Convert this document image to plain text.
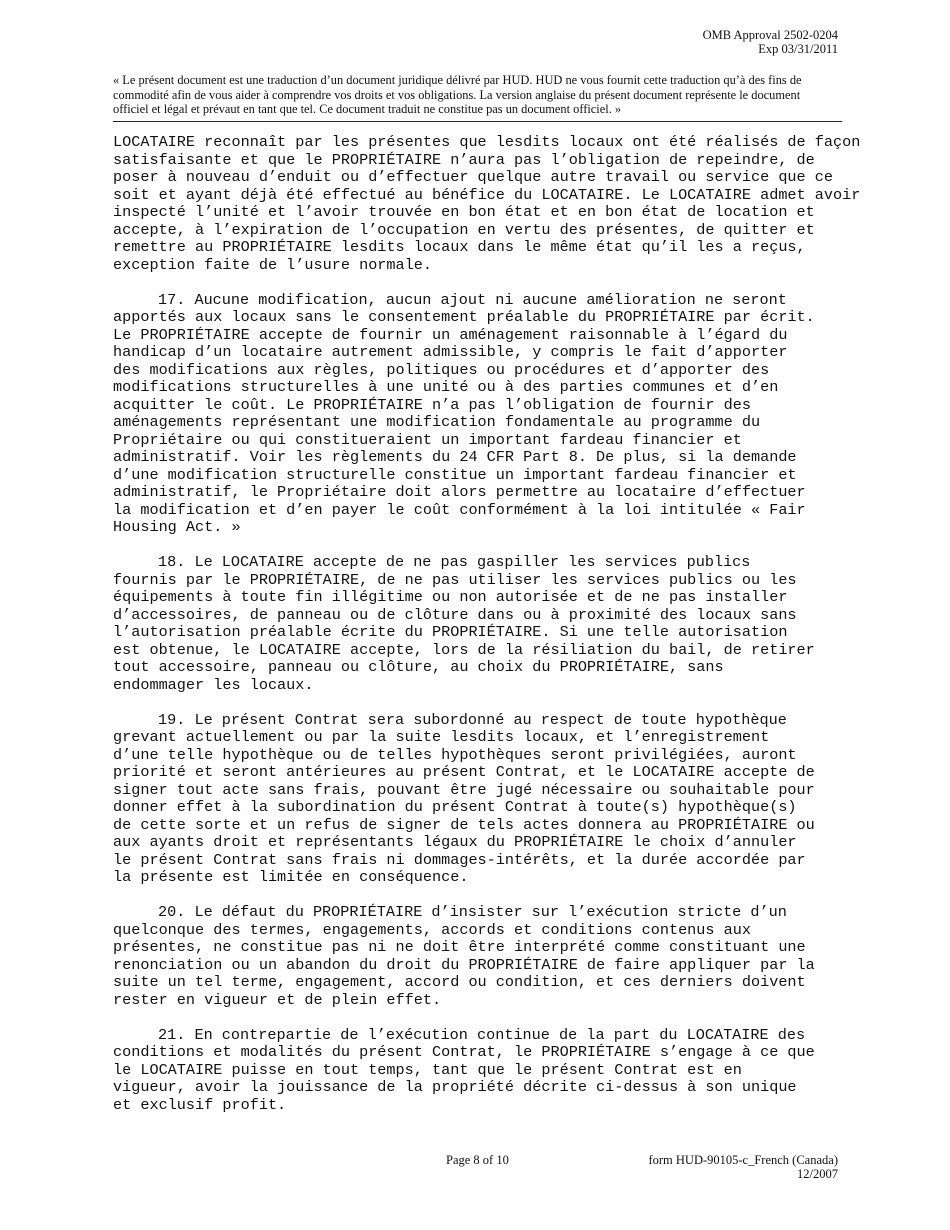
OMB Approval 2502-0204
Exp 03/31/2011
« Le présent document est une traduction d’un document juridique délivré par HUD. HUD ne vous fournit cette traduction qu’à des fins de commodité afin de vous aider à comprendre vos droits et vos obligations. La version anglaise du présent document représente le document officiel et légal et prévaut en tant que tel. Ce document traduit ne constitue pas un document officiel. »

LOCATAIRE reconnaît par les présentes que lesdits locaux ont été réalisés de façon
satisfaisante et que le PROPRIÉTAIRE n’aura pas l’obligation de repeindre, de
poser à nouveau d’enduit ou d’effectuer quelque autre travail ou service que ce
soit et ayant déjà été effectué au bénéfice du LOCATAIRE. Le LOCATAIRE admet avoir
inspecté l’unité et l’avoir trouvée en bon état et en bon état de location et
accepte, à l’expiration de l’occupation en vertu des présentes, de quitter et
remettre au PROPRIÉTAIRE lesdits locaux dans le même état qu’il les a reçus,
exception faite de l’usure normale.

17. Aucune modification, aucun ajout ni aucune amélioration ne seront
apportés aux locaux sans le consentement préalable du PROPRIÉTAIRE par écrit.
Le PROPRIÉTAIRE accepte de fournir un aménagement raisonnable à l’égard du
handicap d’un locataire autrement admissible, y compris le fait d’apporter
des modifications aux règles, politiques ou procédures et d’apporter des
modifications structurelles à une unité ou à des parties communes et d’en
acquitter le coût. Le PROPRIÉTAIRE n’a pas l’obligation de fournir des
aménagements représentant une modification fondamentale au programme du
Propriétaire ou qui constitueraient un important fardeau financier et
administratif. Voir les règlements du 24 CFR Part 8. De plus, si la demande
d’une modification structurelle constitue un important fardeau financier et
administratif, le Propriétaire doit alors permettre au locataire d’effectuer
la modification et d’en payer le coût conformément à la loi intitulée « Fair
Housing Act. »

18. Le LOCATAIRE accepte de ne pas gaspiller les services publics
fournis par le PROPRIÉTAIRE, de ne pas utiliser les services publics ou les
équipements à toute fin illégitime ou non autorisée et de ne pas installer
d’accessoires, de panneau ou de clôture dans ou à proximité des locaux sans
l’autorisation préalable écrite du PROPRIÉTAIRE. Si une telle autorisation
est obtenue, le LOCATAIRE accepte, lors de la résiliation du bail, de retirer
tout accessoire, panneau ou clôture, au choix du PROPRIÉTAIRE, sans
endommager les locaux.

19. Le présent Contrat sera subordonné au respect de toute hypothèque
grevant actuellement ou par la suite lesdits locaux, et l’enregistrement
d’une telle hypothèque ou de telles hypothèques seront privilégiées, auront
priorité et seront antérieures au présent Contrat, et le LOCATAIRE accepte de
signer tout acte sans frais, pouvant être jugé nécessaire ou souhaitable pour
donner effet à la subordination du présent Contrat à toute(s) hypothèque(s)
de cette sorte et un refus de signer de tels actes donnera au PROPRIÉTAIRE ou
aux ayants droit et représentants légaux du PROPRIÉTAIRE le choix d’annuler
le présent Contrat sans frais ni dommages-intérêts, et la durée accordée par
la présente est limitée en conséquence.

20. Le défaut du PROPRIÉTAIRE d’insister sur l’exécution stricte d’un
quelconque des termes, engagements, accords et conditions contenus aux
présentes, ne constitue pas ni ne doit être interprété comme constituant une
renonciation ou un abandon du droit du PROPRIÉTAIRE de faire appliquer par la
suite un tel terme, engagement, accord ou condition, et ces derniers doivent
rester en vigueur et de plein effet.

21. En contrepartie de l’exécution continue de la part du LOCATAIRE des
conditions et modalités du présent Contrat, le PROPRIÉTAIRE s’engage à ce que
le LOCATAIRE puisse en tout temps, tant que le présent Contrat est en
vigueur, avoir la jouissance de la propriété décrite ci-dessus à son unique
et exclusif profit.

Page 8 of 10	form HUD-90105-c_French (Canada)
12/2007
